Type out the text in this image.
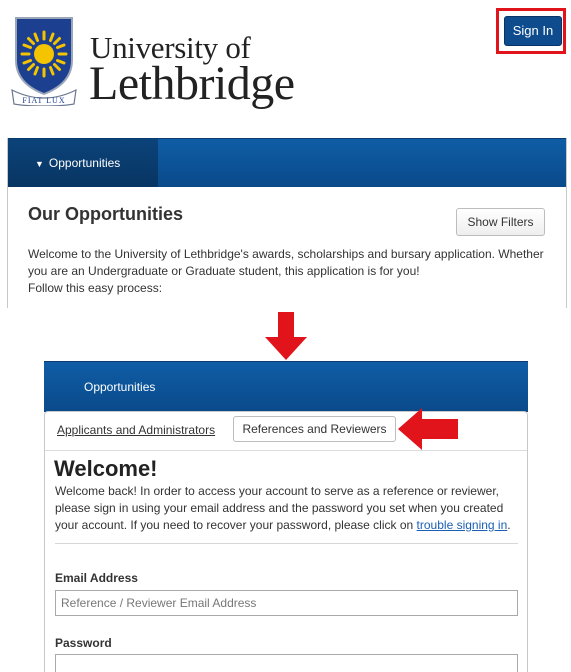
FIAT LUX
University of
Lethbridge
Sign In
▼ Opportunities
Our Opportunities	Show Filters
Welcome to the University of Lethbridge's awards, scholarships and bursary application. Whether you are an Undergraduate or Graduate student, this application is for you!
Follow this easy process:
Opportunities
Applicants and Administrators	References and Reviewers
Welcome!

Welcome back! In order to access your account to serve as a reference or reviewer, please sign in using your email address and the password you set when you created your account. If you need to recover your password, please click on trouble signing in.

Email Address

Reference / Reviewer Email Address

Password
